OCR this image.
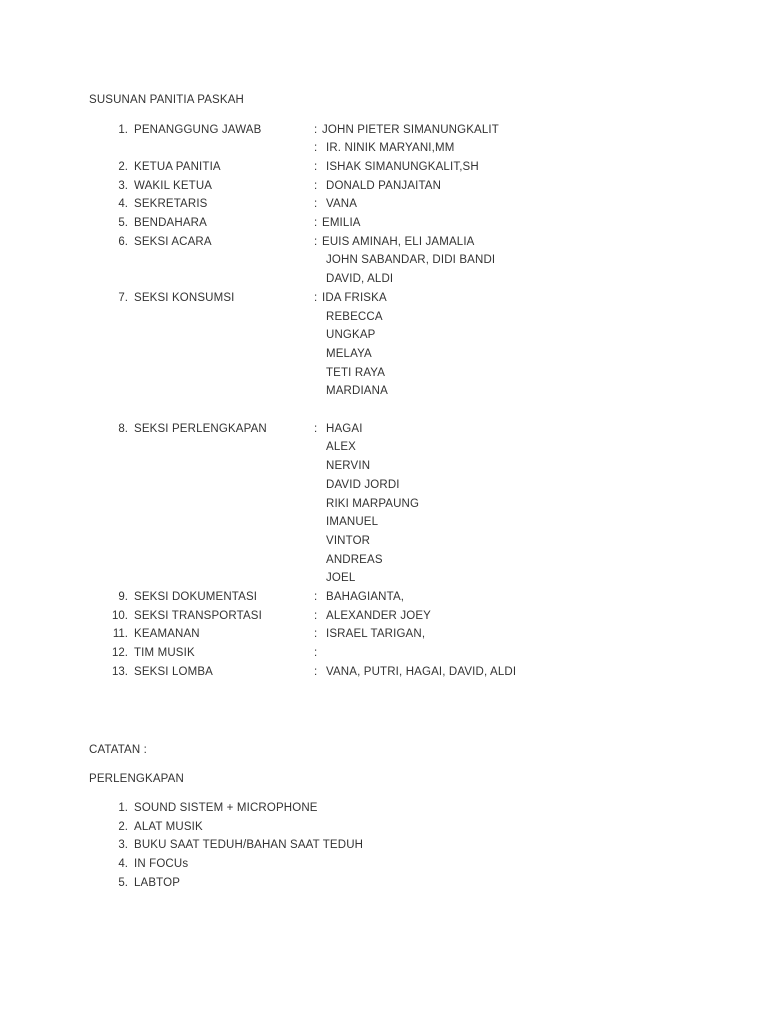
SUSUNAN PANITIA PASKAH
1. PENANGGUNG JAWAB	: JOHN PIETER SIMANUNGKALIT
: IR. NINIK MARYANI,MM
2. KETUA PANITIA	: ISHAK SIMANUNGKALIT,SH
3. WAKIL KETUA	: DONALD PANJAITAN
4. SEKRETARIS	: VANA
5. BENDAHARA	: EMILIA
6. SEKSI ACARA	: EUIS AMINAH, ELI JAMALIA
JOHN SABANDAR, DIDI BANDI
DAVID, ALDI
7. SEKSI KONSUMSI	: IDA FRISKA
REBECCA
UNGKAP
MELAYA
TETI RAYA
MARDIANA
8. SEKSI PERLENGKAPAN	: HAGAI
ALEX
NERVIN
DAVID JORDI
RIKI MARPAUNG
IMANUEL
VINTOR
ANDREAS
JOEL
9. SEKSI DOKUMENTASI	: BAHAGIANTA,
10. SEKSI TRANSPORTASI	: ALEXANDER JOEY
11. KEAMANAN	: ISRAEL TARIGAN,
12. TIM MUSIK	:
13. SEKSI LOMBA	: VANA, PUTRI, HAGAI, DAVID, ALDI
CATATAN :
PERLENGKAPAN
1. SOUND SISTEM + MICROPHONE
2. ALAT MUSIK
3. BUKU SAAT TEDUH/BAHAN SAAT TEDUH
4. IN FOCUs
5. LABTOP
